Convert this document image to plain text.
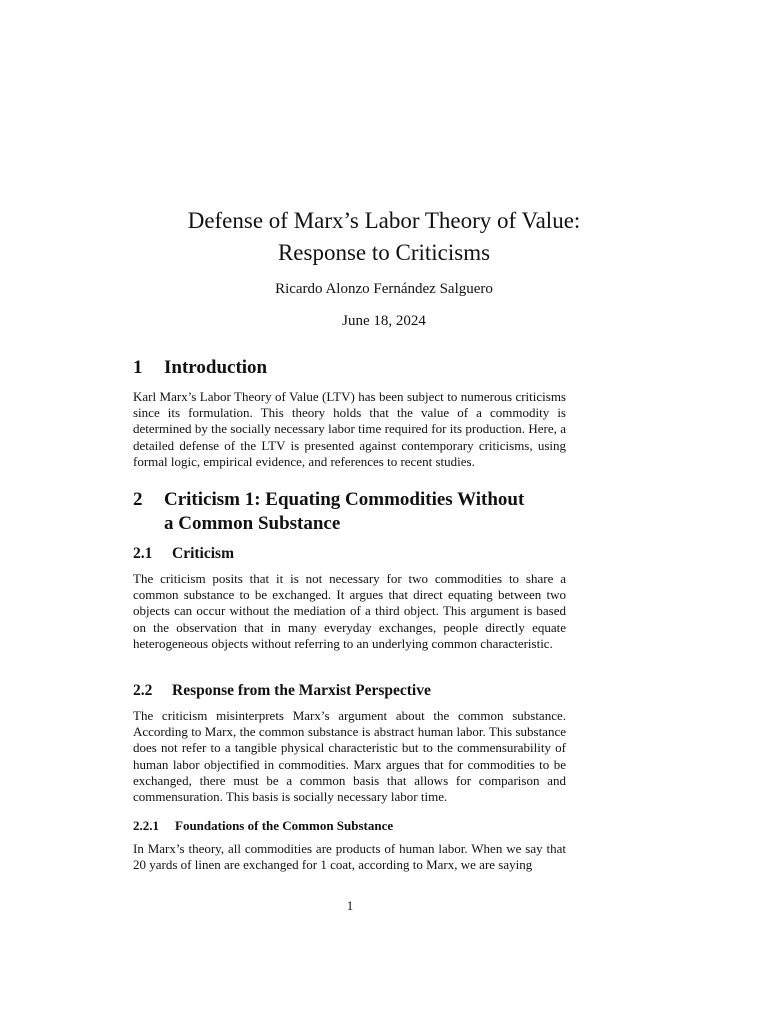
Defense of Marx’s Labor Theory of Value:
Response to Criticisms
Ricardo Alonzo Fernández Salguero
June 18, 2024
1 Introduction

Karl Marx’s Labor Theory of Value (LTV) has been subject to numerous criticisms since its formulation. This theory holds that the value of a commodity is determined by the socially necessary labor time required for its production. Here, a detailed defense of the LTV is presented against contemporary criticisms, using formal logic, empirical evidence, and references to recent studies.

2 Criticism 1: Equating Commodities Without
a Common Substance
2.1 Criticism

The criticism posits that it is not necessary for two commodities to share a common substance to be exchanged. It argues that direct equating between two objects can occur without the mediation of a third object. This argument is based on the observation that in many everyday exchanges, people directly equate heterogeneous objects without referring to an underlying common characteristic.

2.2 Response from the Marxist Perspective

The criticism misinterprets Marx’s argument about the common substance. According to Marx, the common substance is abstract human labor. This substance does not refer to a tangible physical characteristic but to the commensurability of human labor objectified in commodities. Marx argues that for commodities to be exchanged, there must be a common basis that allows for comparison and commensuration. This basis is socially necessary labor time.

2.2.1 Foundations of the Common Substance

In Marx’s theory, all commodities are products of human labor. When we say that 20 yards of linen are exchanged for 1 coat, according to Marx, we are saying

1
